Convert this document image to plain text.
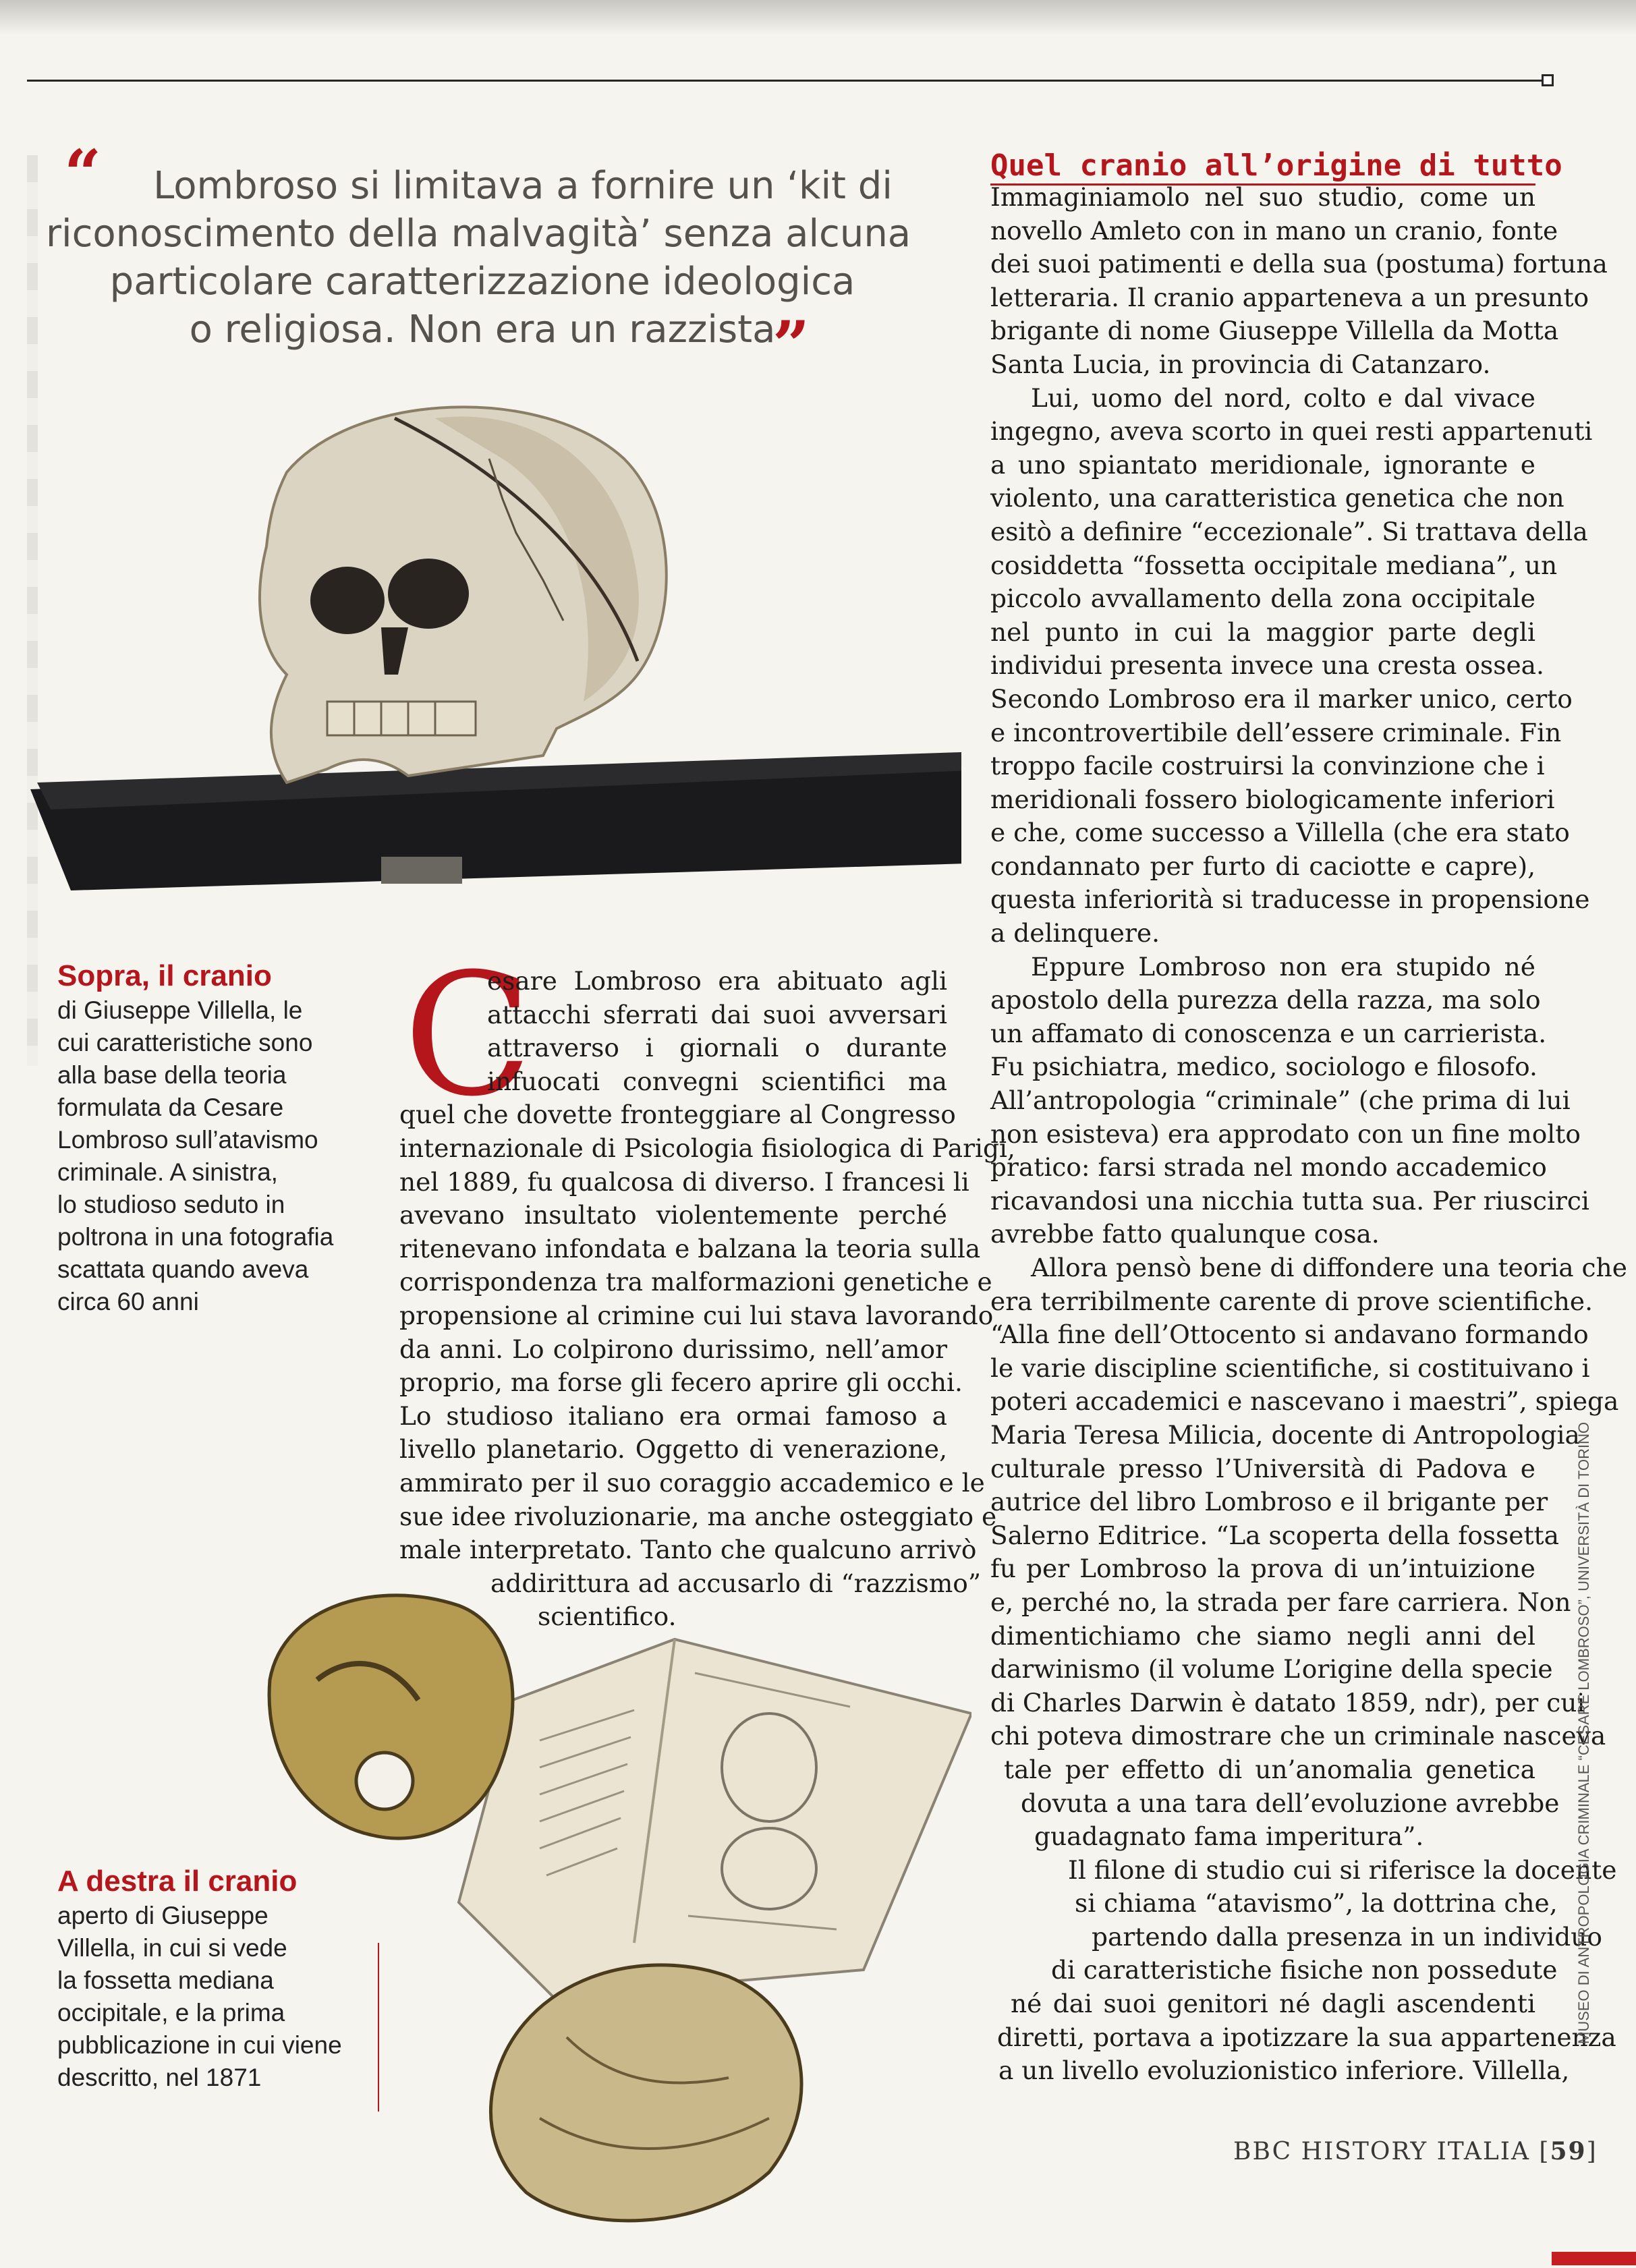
“	Lombroso si limitava a fornire un ‘kit di
riconoscimento della malvagità’ senza alcuna
particolare caratterizzazione ideologica
o religiosa. Non era un razzista
”
Sopra, il cranio
di Giuseppe Villella, le
cui caratteristiche sono
alla base della teoria
formulata da Cesare
Lombroso sull’atavismo
criminale. A sinistra,
lo studioso seduto in
poltrona in una fotografia
scattata quando aveva
circa 60 anni
A destra il cranio
aperto di Giuseppe
Villella, in cui si vede
la fossetta mediana
occipitale, e la prima
pubblicazione in cui viene
descritto, nel 1871
C
esare Lombroso era abituato agli
attacchi sferrati dai suoi avversari
attraverso i giornali o durante
infuocati convegni scientifici ma
quel che dovette fronteggiare al Congresso
internazionale di Psicologia fisiologica di Parigi,
nel 1889, fu qualcosa di diverso. I francesi li
avevano insultato violentemente perché
ritenevano infondata e balzana la teoria sulla
corrispondenza tra malformazioni genetiche e
propensione al crimine cui lui stava lavorando
da anni. Lo colpirono durissimo, nell’amor
proprio, ma forse gli fecero aprire gli occhi.
Lo studioso italiano era ormai famoso a
livello planetario. Oggetto di venerazione,
ammirato per il suo coraggio accademico e le
sue idee rivoluzionarie, ma anche osteggiato e
male interpretato. Tanto che qualcuno arrivò
addirittura ad accusarlo di “razzismo”
scientifico.
Quel cranio all’origine di tutto
Immaginiamolo nel suo studio, come un
novello Amleto con in mano un cranio, fonte
dei suoi patimenti e della sua (postuma) fortuna
letteraria. Il cranio apparteneva a un presunto
brigante di nome Giuseppe Villella da Motta
Santa Lucia, in provincia di Catanzaro.
Lui, uomo del nord, colto e dal vivace
ingegno, aveva scorto in quei resti appartenuti
a uno spiantato meridionale, ignorante e
violento, una caratteristica genetica che non
esitò a definire “eccezionale”. Si trattava della
cosiddetta “fossetta occipitale mediana”, un
piccolo avvallamento della zona occipitale
nel punto in cui la maggior parte degli
individui presenta invece una cresta ossea.
Secondo Lombroso era il marker unico, certo
e incontrovertibile dell’essere criminale. Fin
troppo facile costruirsi la convinzione che i
meridionali fossero biologicamente inferiori
e che, come successo a Villella (che era stato
condannato per furto di caciotte e capre),
questa inferiorità si traducesse in propensione
a delinquere.
Eppure Lombroso non era stupido né
apostolo della purezza della razza, ma solo
un affamato di conoscenza e un carrierista.
Fu psichiatra, medico, sociologo e filosofo.
All’antropologia “criminale” (che prima di lui
non esisteva) era approdato con un fine molto
pratico: farsi strada nel mondo accademico
ricavandosi una nicchia tutta sua. Per riuscirci
avrebbe fatto qualunque cosa.
Allora pensò bene di diffondere una teoria che
era terribilmente carente di prove scientifiche.
“Alla fine dell’Ottocento si andavano formando
le varie discipline scientifiche, si costituivano i
poteri accademici e nascevano i maestri”, spiega
Maria Teresa Milicia, docente di Antropologia
culturale presso l’Università di Padova e
autrice del libro Lombroso e il brigante per
Salerno Editrice. “La scoperta della fossetta
fu per Lombroso la prova di un’intuizione
e, perché no, la strada per fare carriera. Non
dimentichiamo che siamo negli anni del
darwinismo (il volume L’origine della specie
di Charles Darwin è datato 1859, ndr), per cui
chi poteva dimostrare che un criminale nasceva
tale per effetto di un’anomalia genetica
dovuta a una tara dell’evoluzione avrebbe
guadagnato fama imperitura”.
Il filone di studio cui si riferisce la docente
si chiama “atavismo”, la dottrina che,
partendo dalla presenza in un individuo
di caratteristiche fisiche non possedute
né dai suoi genitori né dagli ascendenti
diretti, portava a ipotizzare la sua appartenenza
a un livello evoluzionistico inferiore. Villella,
MUSEO DI ANTROPOLOGIA CRIMINALE “CESARE LOMBROSO”, UNIVERSITÀ DI TORINO
BBC HISTORY ITALIA [59]
